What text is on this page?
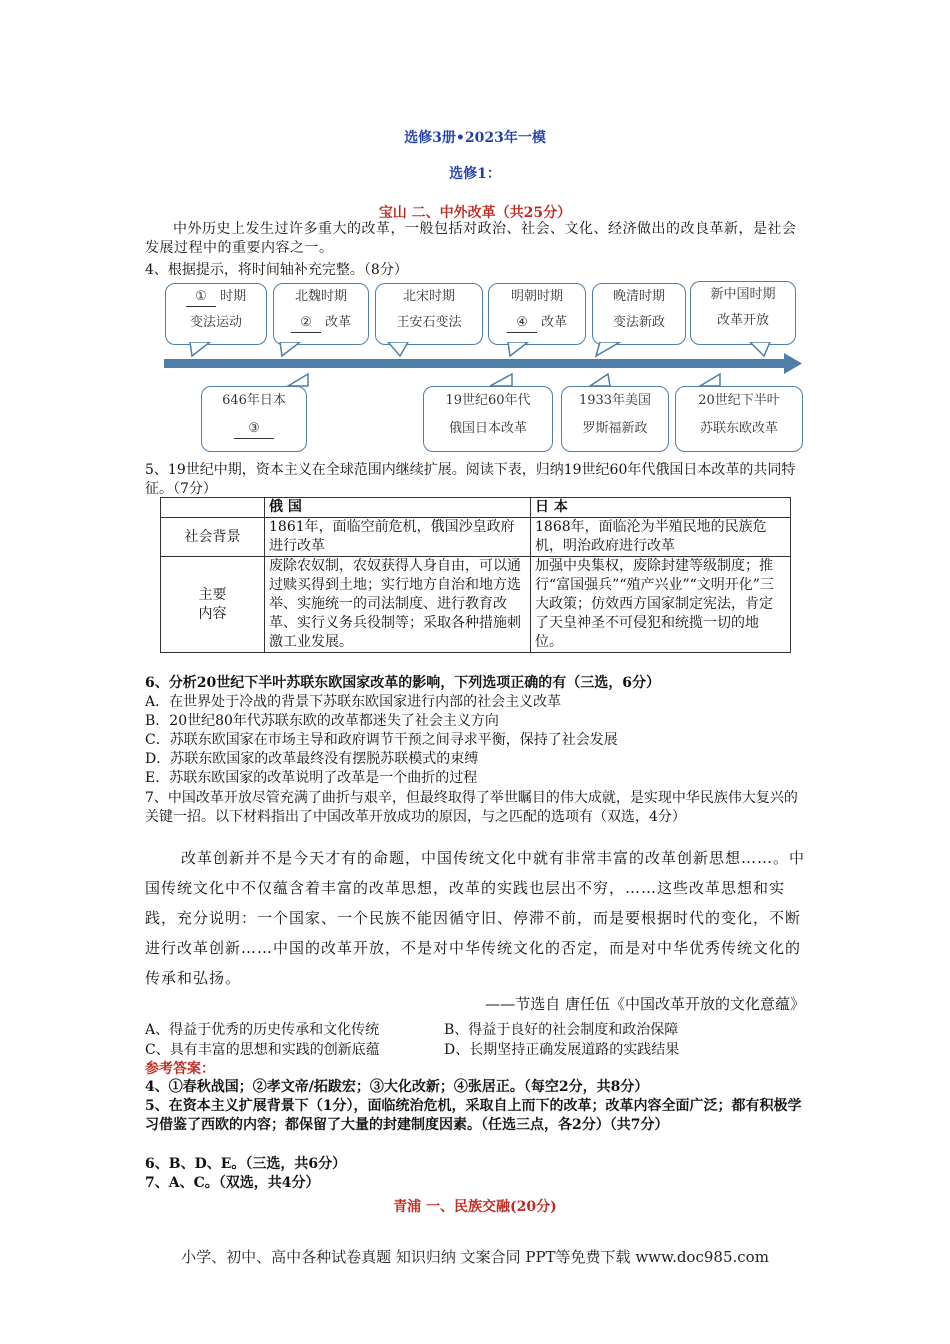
选修3册•2023年一模
选修1：
宝山 二、中外改革（共25分）
中外历史上发生过许多重大的改革，一般包括对政治、社会、文化、经济做出的改良革新，是社会发展过程中的重要内容之一。
4、根据提示，将时间轴补充完整。（8分）
① 时期
变法运动
北魏时期
② 改革
北宋时期
王安石变法
明朝时期
④ 改革
晚清时期
变法新政
新中国时期
改革开放
646年日本
③
19世纪60年代
俄国日本改革
1933年美国
罗斯福新政
20世纪下半叶
苏联东欧改革
5、19世纪中期，资本主义在全球范围内继续扩展。阅读下表，归纳19世纪60年代俄国日本改革的共同特征。（7分）
	俄 国	日 本
社会背景	1861年，面临空前危机，俄国沙皇政府进行改革	1868年，面临沦为半殖民地的民族危机，明治政府进行改革

主要
内容	废除农奴制，农奴获得人身自由，可以通过赎买得到土地；实行地方自治和地方选举、实施统一的司法制度、进行教育改革、实行义务兵役制等；采取各种措施刺激工业发展。	加强中央集权，废除封建等级制度；推行“富国强兵”“殖产兴业”“文明开化”三大政策；仿效西方国家制定宪法，肯定了天皇神圣不可侵犯和统揽一切的地位。
6、分析20世纪下半叶苏联东欧国家改革的影响，下列选项正确的有（三选，6分）
A．在世界处于冷战的背景下苏联东欧国家进行内部的社会主义改革
B．20世纪80年代苏联东欧的改革都迷失了社会主义方向
C．苏联东欧国家在市场主导和政府调节干预之间寻求平衡，保持了社会发展
D．苏联东欧国家的改革最终没有摆脱苏联模式的束缚
E．苏联东欧国家的改革说明了改革是一个曲折的过程
7、中国改革开放尽管充满了曲折与艰辛，但最终取得了举世瞩目的伟大成就，是实现中华民族伟大复兴的关键一招。以下材料指出了中国改革开放成功的原因，与之匹配的选项有（双选，4分）
改革创新并不是今天才有的命题，中国传统文化中就有非常丰富的改革创新思想……。中国传统文化中不仅蕴含着丰富的改革思想，改革的实践也层出不穷，……这些改革思想和实践，充分说明：一个国家、一个民族不能因循守旧、停滞不前，而是要根据时代的变化，不断进行改革创新……中国的改革开放，不是对中华传统文化的否定，而是对中华优秀传统文化的传承和弘扬。
——节选自 唐任伍《中国改革开放的文化意蕴》
A、得益于优秀的历史传承和文化传统	B、得益于良好的社会制度和政治保障
C、具有丰富的思想和实践的创新底蕴	D、长期坚持正确发展道路的实践结果
参考答案：
4、①春秋战国；②孝文帝/拓跋宏；③大化改新；④张居正。（每空2分，共8分）
5、在资本主义扩展背景下（1分），面临统治危机，采取自上而下的改革；改革内容全面广泛；都有积极学习借鉴了西欧的内容；都保留了大量的封建制度因素。（任选三点，各2分）（共7分）
6、B、D、E。（三选，共6分）
7、A、C。（双选，共4分）
青浦 一、民族交融(20分)
小学、初中、高中各种试卷真题 知识归纳 文案合同 PPT等免费下载 www.doc985.com
